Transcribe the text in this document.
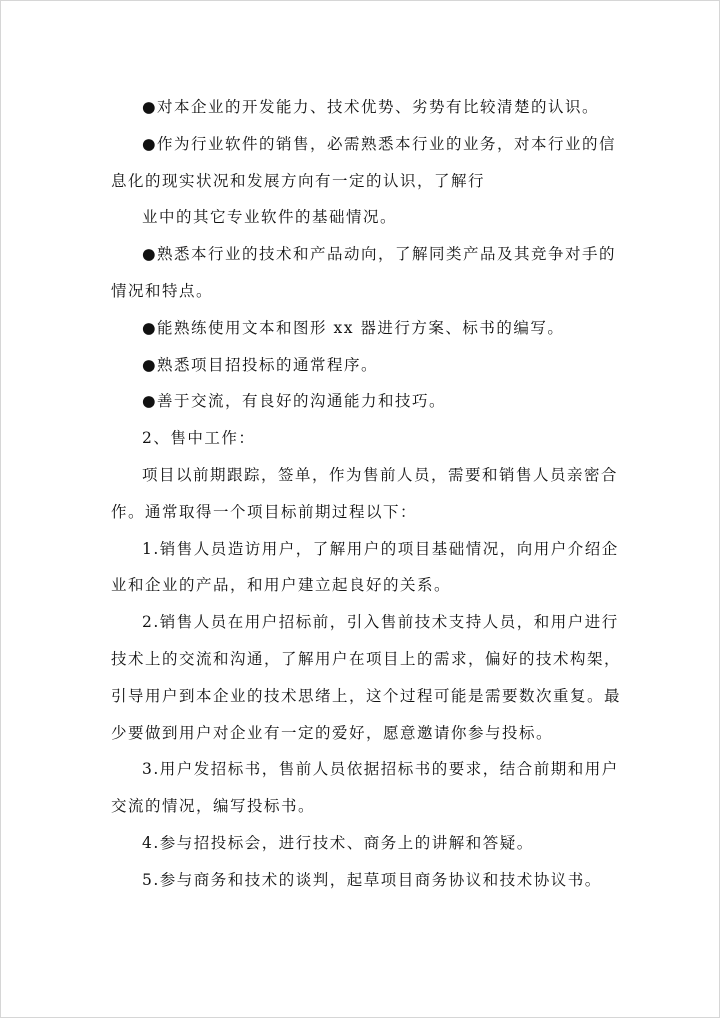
●对本企业的开发能力、技术优势、劣势有比较清楚的认识。
●作为行业软件的销售，必需熟悉本行业的业务，对本行业的信
息化的现实状况和发展方向有一定的认识，了解行
业中的其它专业软件的基础情况。
●熟悉本行业的技术和产品动向，了解同类产品及其竞争对手的
情况和特点。
●能熟练使用文本和图形 xx 器进行方案、标书的编写。
●熟悉项目招投标的通常程序。
●善于交流，有良好的沟通能力和技巧。
2、售中工作：
项目以前期跟踪，签单，作为售前人员，需要和销售人员亲密合
作。通常取得一个项目标前期过程以下：
1.销售人员造访用户，了解用户的项目基础情况，向用户介绍企
业和企业的产品，和用户建立起良好的关系。
2.销售人员在用户招标前，引入售前技术支持人员，和用户进行
技术上的交流和沟通，了解用户在项目上的需求，偏好的技术构架，
引导用户到本企业的技术思绪上，这个过程可能是需要数次重复。最
少要做到用户对企业有一定的爱好，愿意邀请你参与投标。
3.用户发招标书，售前人员依据招标书的要求，结合前期和用户
交流的情况，编写投标书。
4.参与招投标会，进行技术、商务上的讲解和答疑。
5.参与商务和技术的谈判，起草项目商务协议和技术协议书。
